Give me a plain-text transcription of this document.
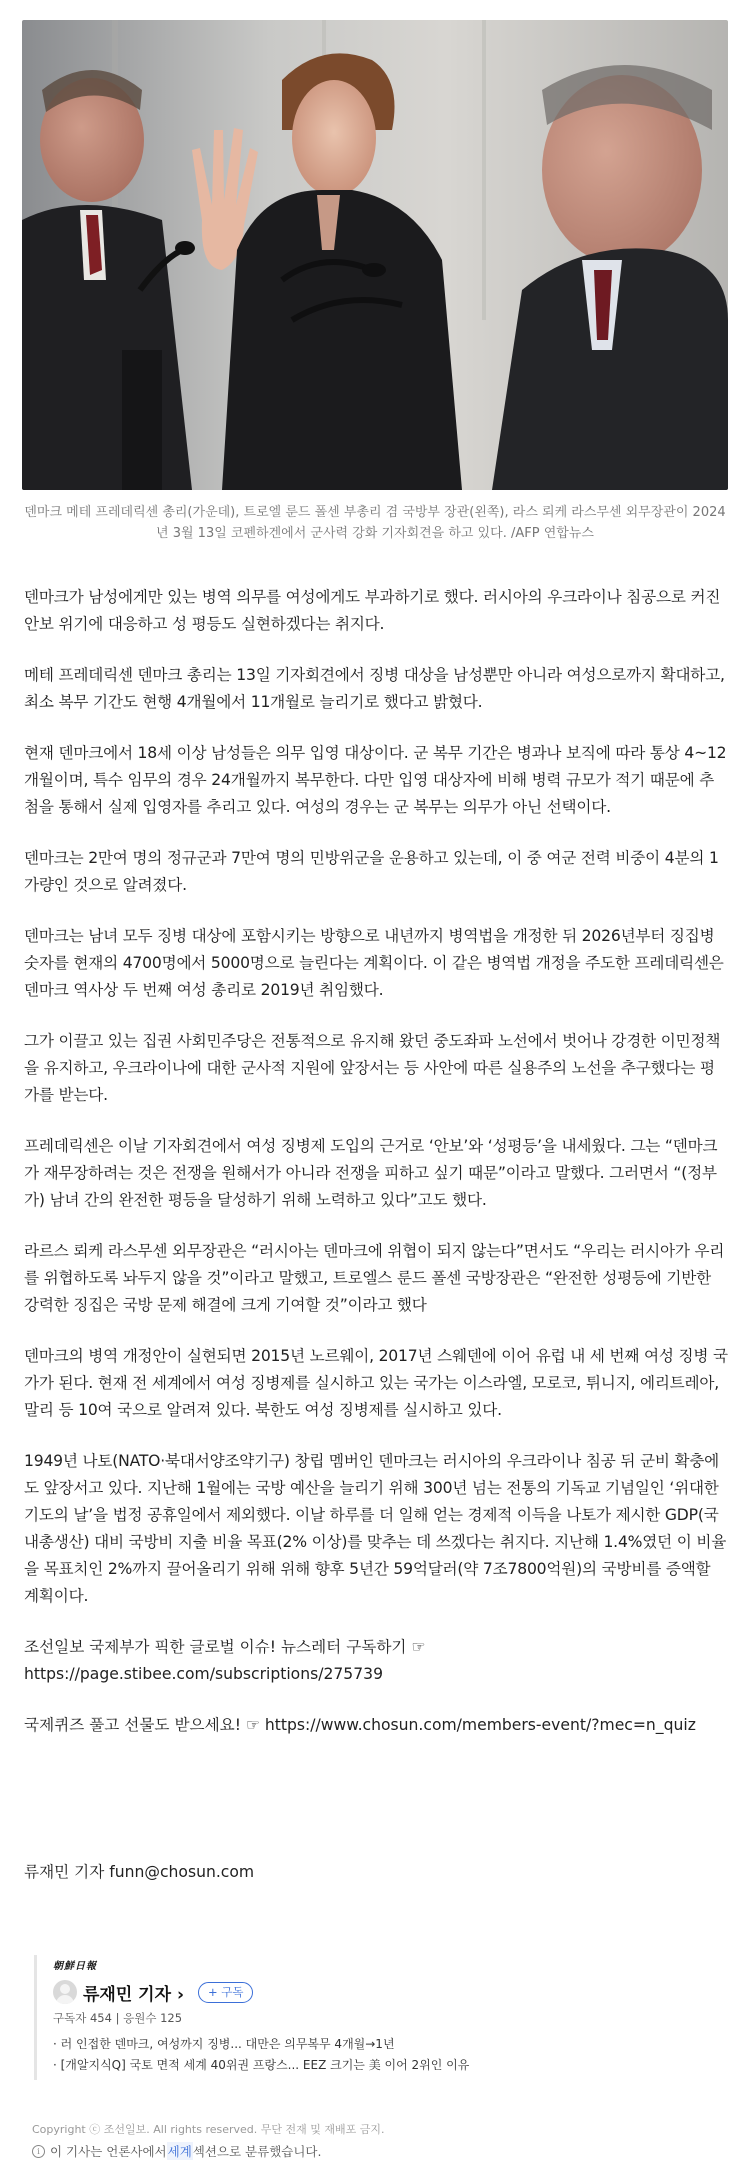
덴마크 메테 프레데릭센 총리(가운데), 트로엘 룬드 폴센 부총리 겸 국방부 장관(왼쪽), 라스 뢰케 라스무센 외무장관이 2024년 3월 13일 코펜하겐에서 군사력 강화 기자회견을 하고 있다. /AFP 연합뉴스

덴마크가 남성에게만 있는 병역 의무를 여성에게도 부과하기로 했다. 러시아의 우크라이나 침공으로 커진 안보 위기에 대응하고 성 평등도 실현하겠다는 취지다.

메테 프레데릭센 덴마크 총리는 13일 기자회견에서 징병 대상을 남성뿐만 아니라 여성으로까지 확대하고, 최소 복무 기간도 현행 4개월에서 11개월로 늘리기로 했다고 밝혔다.

현재 덴마크에서 18세 이상 남성들은 의무 입영 대상이다. 군 복무 기간은 병과나 보직에 따라 통상 4~12개월이며, 특수 임무의 경우 24개월까지 복무한다. 다만 입영 대상자에 비해 병력 규모가 적기 때문에 추첨을 통해서 실제 입영자를 추리고 있다. 여성의 경우는 군 복무는 의무가 아닌 선택이다.

덴마크는 2만여 명의 정규군과 7만여 명의 민방위군을 운용하고 있는데, 이 중 여군 전력 비중이 4분의 1가량인 것으로 알려졌다.

덴마크는 남녀 모두 징병 대상에 포함시키는 방향으로 내년까지 병역법을 개정한 뒤 2026년부터 징집병 숫자를 현재의 4700명에서 5000명으로 늘린다는 계획이다. 이 같은 병역법 개정을 주도한 프레데릭센은 덴마크 역사상 두 번째 여성 총리로 2019년 취임했다.

그가 이끌고 있는 집권 사회민주당은 전통적으로 유지해 왔던 중도좌파 노선에서 벗어나 강경한 이민정책을 유지하고, 우크라이나에 대한 군사적 지원에 앞장서는 등 사안에 따른 실용주의 노선을 추구했다는 평가를 받는다.

프레데릭센은 이날 기자회견에서 여성 징병제 도입의 근거로 ‘안보’와 ‘성평등’을 내세웠다. 그는 “덴마크가 재무장하려는 것은 전쟁을 원해서가 아니라 전쟁을 피하고 싶기 때문”이라고 말했다. 그러면서 “(정부가) 남녀 간의 완전한 평등을 달성하기 위해 노력하고 있다”고도 했다.

라르스 뢰케 라스무센 외무장관은 “러시아는 덴마크에 위협이 되지 않는다”면서도 “우리는 러시아가 우리를 위협하도록 놔두지 않을 것”이라고 말했고, 트로엘스 룬드 폴센 국방장관은 “완전한 성평등에 기반한 강력한 징집은 국방 문제 해결에 크게 기여할 것”이라고 했다

덴마크의 병역 개정안이 실현되면 2015년 노르웨이, 2017년 스웨덴에 이어 유럽 내 세 번째 여성 징병 국가가 된다. 현재 전 세계에서 여성 징병제를 실시하고 있는 국가는 이스라엘, 모로코, 튀니지, 에리트레아, 말리 등 10여 국으로 알려져 있다. 북한도 여성 징병제를 실시하고 있다.

1949년 나토(NATO·북대서양조약기구) 창립 멤버인 덴마크는 러시아의 우크라이나 침공 뒤 군비 확충에도 앞장서고 있다. 지난해 1월에는 국방 예산을 늘리기 위해 300년 넘는 전통의 기독교 기념일인 ‘위대한 기도의 날’을 법정 공휴일에서 제외했다. 이날 하루를 더 일해 얻는 경제적 이득을 나토가 제시한 GDP(국내총생산) 대비 국방비 지출 비율 목표(2% 이상)를 맞추는 데 쓰겠다는 취지다. 지난해 1.4%였던 이 비율을 목표치인 2%까지 끌어올리기 위해 위해 향후 5년간 59억달러(약 7조7800억원)의 국방비를 증액할 계획이다.

조선일보 국제부가 픽한 글로벌 이슈! 뉴스레터 구독하기 ☞
https://page.stibee.com/subscriptions/275739

국제퀴즈 풀고 선물도 받으세요! ☞ https://www.chosun.com/members-event/?mec=n_quiz

류재민 기자 funn@chosun.com
朝鮮日報
류재민 기자 ›	+ 구독
구독자 454 | 응원수 125
· 러 인접한 덴마크, 여성까지 징병... 대만은 의무복무 4개월→1년
· [개알지식Q] 국토 면적 세계 40위권 프랑스... EEZ 크기는 美 이어 2위인 이유
Copyright ⓒ 조선일보. All rights reserved. 무단 전재 및 재배포 금지.
i 이 기사는 언론사에서 세계 섹션으로 분류했습니다.
